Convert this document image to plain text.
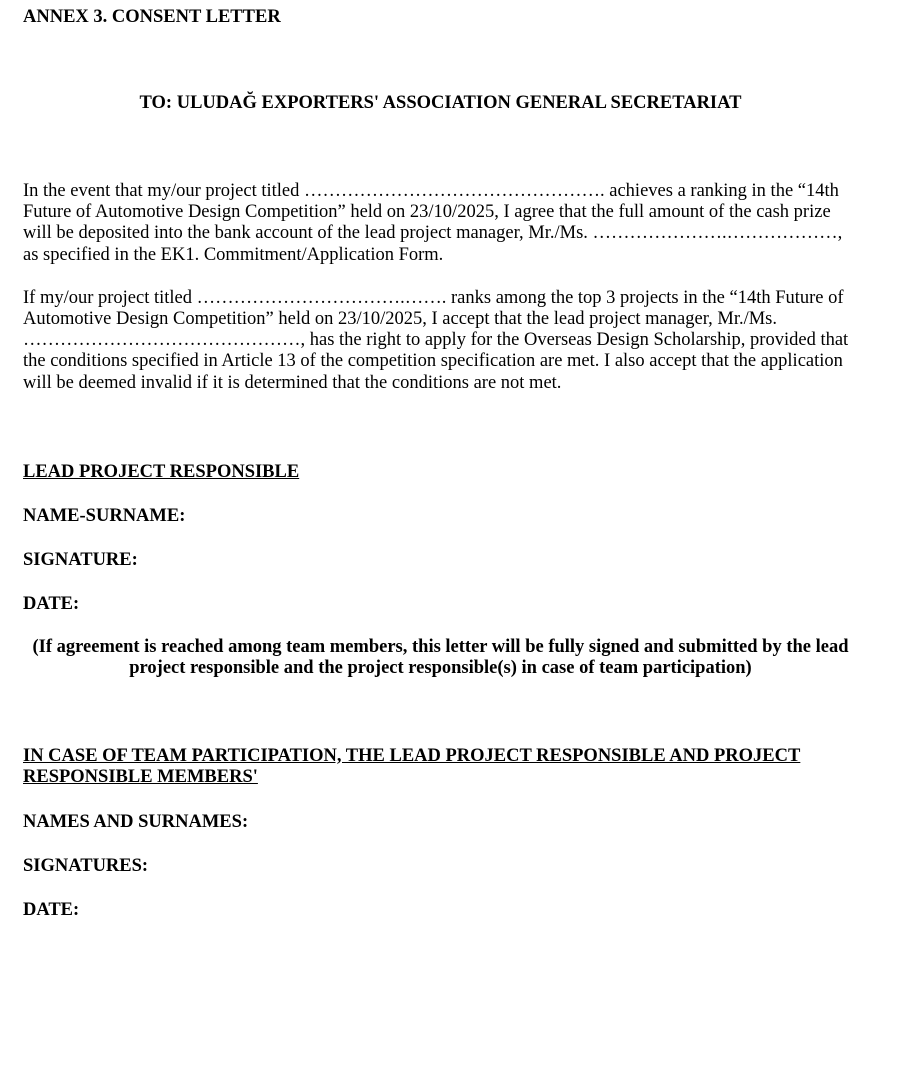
ANNEX 3. CONSENT LETTER

TO: ULUDAĞ EXPORTERS' ASSOCIATION GENERAL SECRETARIAT

In the event that my/our project titled …………………………………………. achieves a ranking in the “14th Future of Automotive Design Competition” held on 23/10/2025, I agree that the full amount of the cash prize will be deposited into the bank account of the lead project manager, Mr./Ms. ………………….………………, as specified in the EK1. Commitment/Application Form.

If my/our project titled …………………………….……. ranks among the top 3 projects in the “14th Future of Automotive Design Competition” held on 23/10/2025, I accept that the lead project manager, Mr./Ms. ………………………………………, has the right to apply for the Overseas Design Scholarship, provided that the conditions specified in Article 13 of the competition specification are met. I also accept that the application will be deemed invalid if it is determined that the conditions are not met.

LEAD PROJECT RESPONSIBLE

NAME-SURNAME:

SIGNATURE:

DATE:

(If agreement is reached among team members, this letter will be fully signed and submitted by the lead project responsible and the project responsible(s) in case of team participation)

IN CASE OF TEAM PARTICIPATION, THE LEAD PROJECT RESPONSIBLE AND PROJECT RESPONSIBLE MEMBERS'

NAMES AND SURNAMES:

SIGNATURES:

DATE:
